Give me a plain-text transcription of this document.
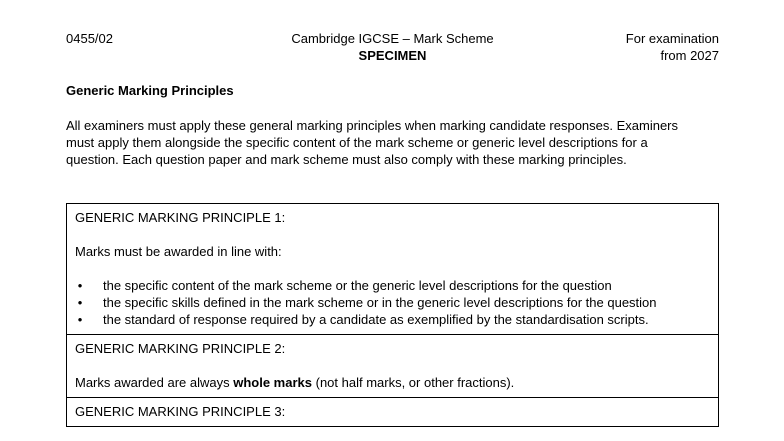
0455/02	Cambridge IGCSE – Mark Scheme
SPECIMEN
For examination
from 2027
Generic Marking Principles

All examiners must apply these general marking principles when marking candidate responses. Examiners must apply them alongside the specific content of the mark scheme or generic level descriptions for a question. Each question paper and mark scheme must also comply with these marking principles.

GENERIC MARKING PRINCIPLE 1:
Marks must be awarded in line with:
• the specific content of the mark scheme or the generic level descriptions for the question
• the specific skills defined in the mark scheme or in the generic level descriptions for the question
• the standard of response required by a candidate as exemplified by the standardisation scripts.

GENERIC MARKING PRINCIPLE 2:
Marks awarded are always whole marks (not half marks, or other fractions).

GENERIC MARKING PRINCIPLE 3:
